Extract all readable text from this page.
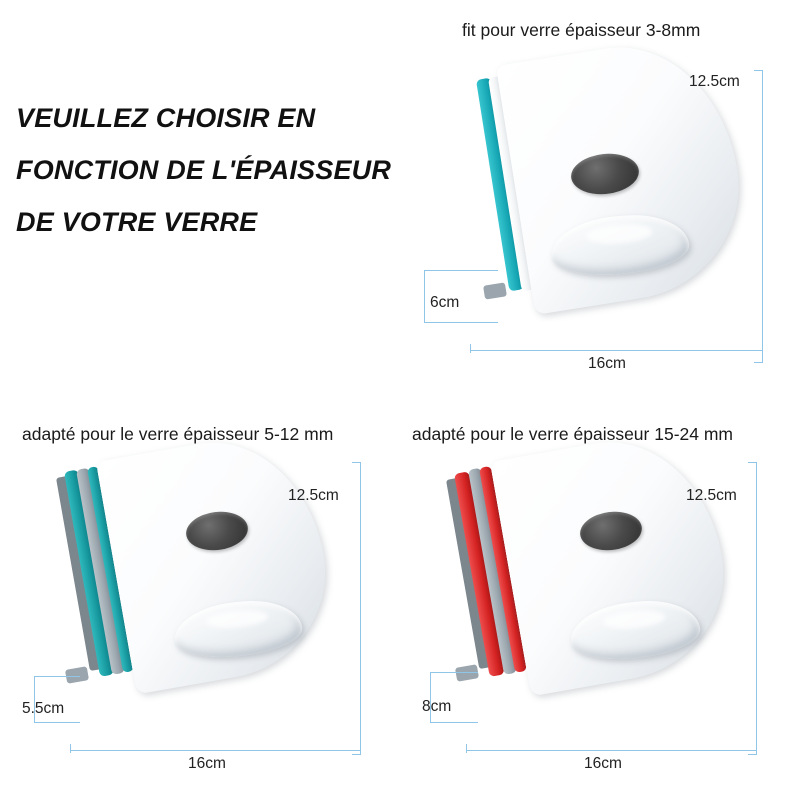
VEUILLEZ CHOISIR EN
FONCTION DE L'ÉPAISSEUR
DE VOTRE VERRE
fit pour verre épaisseur 3-8mm
12.5cm
16cm
6cm
adapté pour le verre épaisseur 5-12 mm
12.5cm
16cm
5.5cm
adapté pour le verre épaisseur 15-24 mm
12.5cm
16cm
8cm
